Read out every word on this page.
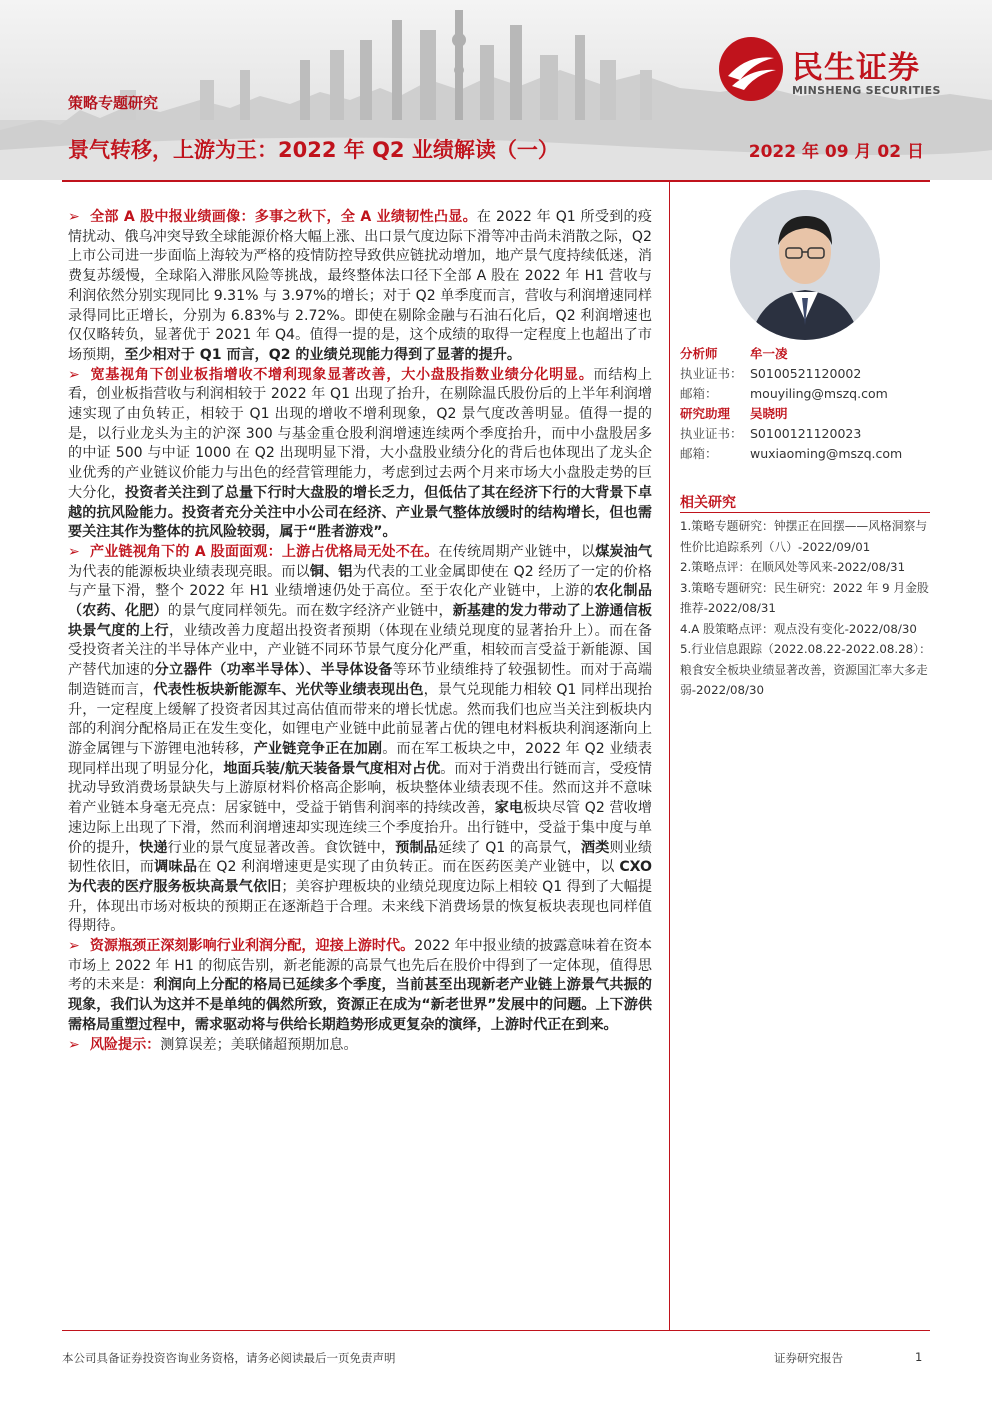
策略专题研究
景气转移，上游为王：2022 年 Q2 业绩解读（一）	2022 年 09 月 02 日
民生证券
MINSHENG SECURITIES

➢ 全部 A 股中报业绩画像：多事之秋下，全 A 业绩韧性凸显。在 2022 年 Q1 所受到的疫情扰动、俄乌冲突导致全球能源价格大幅上涨、出口景气度边际下滑等冲击尚未消散之际，Q2 上市公司进一步面临上海较为严格的疫情防控导致供应链扰动增加，地产景气度持续低迷，消费复苏缓慢，全球陷入滞胀风险等挑战，最终整体法口径下全部 A 股在 2022 年 H1 营收与利润依然分别实现同比 9.31% 与 3.97%的增长；对于 Q2 单季度而言，营收与利润增速同样录得同比正增长，分别为 6.83%与 2.72%。即使在剔除金融与石油石化后，Q2 利润增速也仅仅略转负，显著优于 2021 年 Q4。值得一提的是，这个成绩的取得一定程度上也超出了市场预期，至少相对于 Q1 而言，Q2 的业绩兑现能力得到了显著的提升。

➢ 宽基视角下创业板指增收不增利现象显著改善，大小盘股指数业绩分化明显。而结构上看，创业板指营收与利润相较于 2022 年 Q1 出现了抬升，在剔除温氏股份后的上半年利润增速实现了由负转正，相较于 Q1 出现的增收不增利现象，Q2 景气度改善明显。值得一提的是，以行业龙头为主的沪深 300 与基金重仓股利润增速连续两个季度抬升，而中小盘股居多的中证 500 与中证 1000 在 Q2 出现明显下滑，大小盘股业绩分化的背后也体现出了龙头企业优秀的产业链议价能力与出色的经营管理能力，考虑到过去两个月来市场大小盘股走势的巨大分化，投资者关注到了总量下行时大盘股的增长乏力，但低估了其在经济下行的大背景下卓越的抗风险能力。投资者充分关注中小公司在经济、产业景气整体放缓时的结构增长，但也需要关注其作为整体的抗风险较弱，属于“胜者游戏”。

➢ 产业链视角下的 A 股面面观：上游占优格局无处不在。在传统周期产业链中，以煤炭油气为代表的能源板块业绩表现亮眼。而以铜、铝为代表的工业金属即使在 Q2 经历了一定的价格与产量下滑，整个 2022 年 H1 业绩增速仍处于高位。至于农化产业链中，上游的农化制品（农药、化肥）的景气度同样领先。而在数字经济产业链中，新基建的发力带动了上游通信板块景气度的上行，业绩改善力度超出投资者预期（体现在业绩兑现度的显著抬升上）。而在备受投资者关注的半导体产业中，产业链不同环节景气度分化严重，相较而言受益于新能源、国产替代加速的分立器件（功率半导体）、半导体设备等环节业绩维持了较强韧性。而对于高端制造链而言，代表性板块新能源车、光伏等业绩表现出色，景气兑现能力相较 Q1 同样出现抬升，一定程度上缓解了投资者因其过高估值而带来的增长忧虑。然而我们也应当关注到板块内部的利润分配格局正在发生变化，如锂电产业链中此前显著占优的锂电材料板块利润逐渐向上游金属锂与下游锂电池转移，产业链竞争正在加剧。而在军工板块之中，2022 年 Q2 业绩表现同样出现了明显分化，地面兵装/航天装备景气度相对占优。而对于消费出行链而言，受疫情扰动导致消费场景缺失与上游原材料价格高企影响，板块整体业绩表现不佳。然而这并不意味着产业链本身毫无亮点：居家链中，受益于销售利润率的持续改善，家电板块尽管 Q2 营收增速边际上出现了下滑，然而利润增速却实现连续三个季度抬升。出行链中，受益于集中度与单价的提升，快递行业的景气度显著改善。食饮链中，预制品延续了 Q1 的高景气，酒类则业绩韧性依旧，而调味品在 Q2 利润增速更是实现了由负转正。而在医药医美产业链中，以 CXO 为代表的医疗服务板块高景气依旧；美容护理板块的业绩兑现度边际上相较 Q1 得到了大幅提升，体现出市场对板块的预期正在逐渐趋于合理。未来线下消费场景的恢复板块表现也同样值得期待。

➢ 资源瓶颈正深刻影响行业利润分配，迎接上游时代。2022 年中报业绩的披露意味着在资本市场上 2022 年 H1 的彻底告别，新老能源的高景气也先后在股价中得到了一定体现，值得思考的未来是：利润向上分配的格局已延续多个季度，当前甚至出现新老产业链上游景气共振的现象，我们认为这并不是单纯的偶然所致，资源正在成为“新老世界”发展中的问题。上下游供需格局重塑过程中，需求驱动将与供给长期趋势形成更复杂的演绎，上游时代正在到来。

➢ 风险提示：测算误差；美联储超预期加息。

分析师	牟一凌
执业证书： S0100521120002
邮箱：	mouyiling@mszq.com
研究助理 吴晓明
执业证书： S0100121120023
邮箱：	wuxiaoming@mszq.com
相关研究
1.策略专题研究：钟摆正在回摆——风格洞察与性价比追踪系列（八）-2022/09/01
2.策略点评：在顺风处等风来-2022/08/31
3.策略专题研究：民生研究：2022 年 9 月金股推荐-2022/08/31
4.A 股策略点评：观点没有变化-2022/08/30
5.行业信息跟踪（2022.08.22-2022.08.28）：粮食安全板块业绩显著改善，资源国汇率大多走弱-2022/08/30
本公司具备证券投资咨询业务资格，请务必阅读最后一页免责声明	证券研究报告	1
